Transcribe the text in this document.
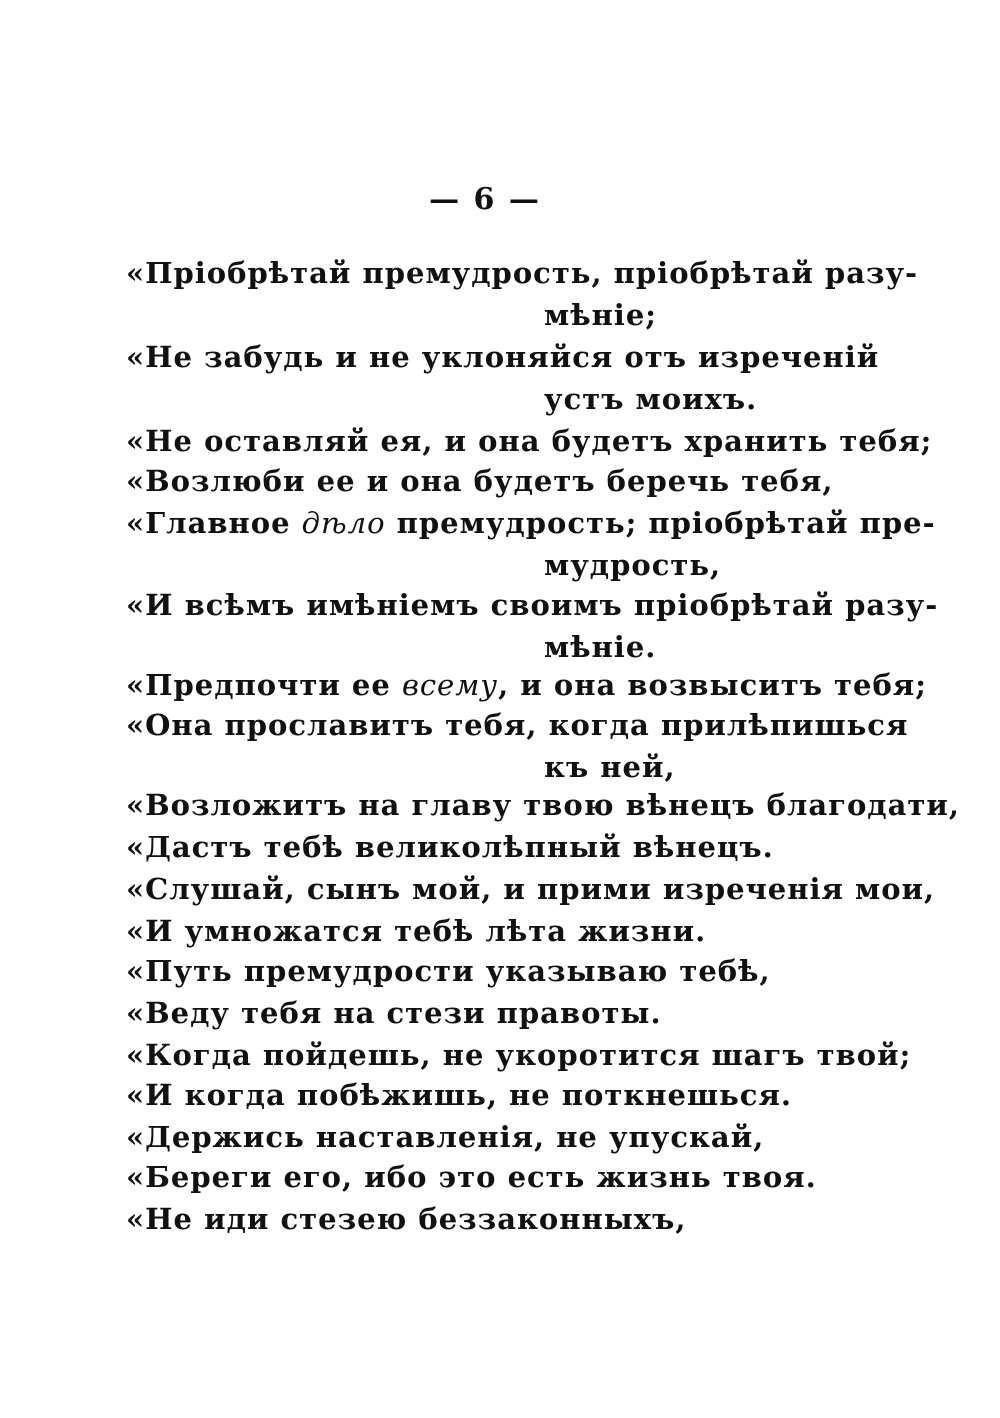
— 6 —
«Пріобрѣтай премудрость, пріобрѣтай разу-
мѣніе;
«Не забудь и не уклоняйся отъ изреченій
устъ моихъ.
«Не оставляй ея, и она будетъ хранить тебя;
«Возлюби ее и она будетъ беречь тебя,
«Главное дѣло премудрость; пріобрѣтай пре-
мудрость,
«И всѣмъ имѣніемъ своимъ пріобрѣтай разу-
мѣніе.
«Предпочти ее всему, и она возвыситъ тебя;
«Она прославитъ тебя, когда прилѣпишься
къ ней,
«Возложитъ на главу твою вѣнецъ благодати,
«Дастъ тебѣ великолѣпный вѣнецъ.
«Слушай, сынъ мой, и прими изреченія мои,
«И умножатся тебѣ лѣта жизни.
«Путь премудрости указываю тебѣ,
«Веду тебя на стези правоты.
«Когда пойдешь, не укоротится шагъ твой;
«И когда побѣжишь, не поткнешься.
«Держись наставленія, не упускай,
«Береги его, ибо это есть жизнь твоя.
«Не иди стезею беззаконныхъ,
